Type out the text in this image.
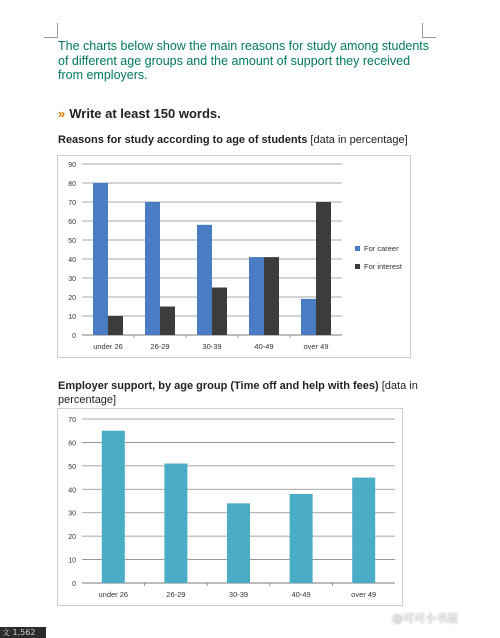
The charts below show the main reasons for study among students of different age groups and the amount of support they received from employers.

» Write at least 150 words.

Reasons for study according to age of students [data in percentage]

0
10
20
30
40
50
60
70
80
90
under 26	26-29	30-39	40-49	over 49
For career
For interest

Employer support, by age group (Time off and help with fees) [data in percentage]

0
10
20
30
40
50
60
70
under 26	26-29	30-39	40-49	over 49
文 1,562
@可可小书屋
